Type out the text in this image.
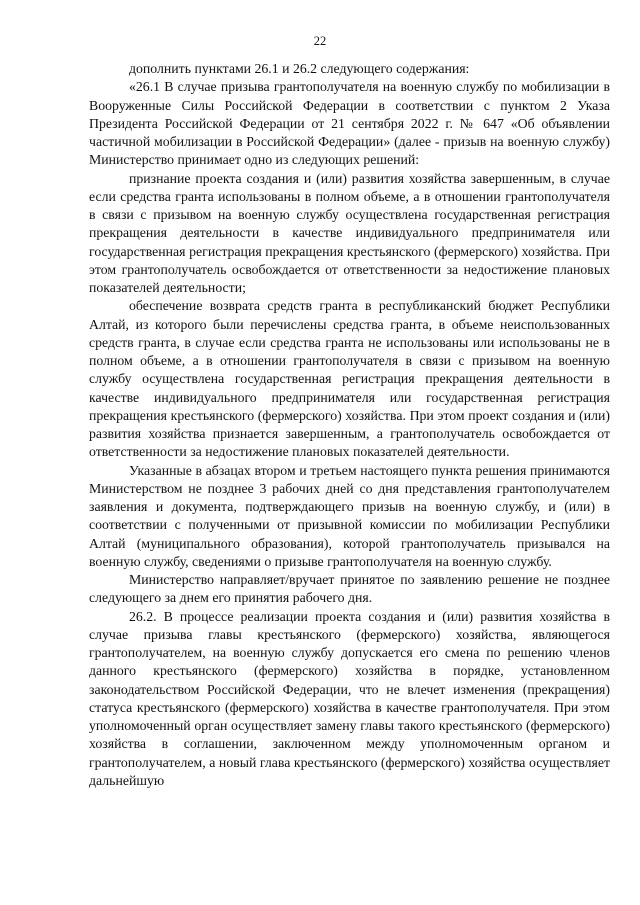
22

дополнить пунктами 26.1 и 26.2 следующего содержания:

«26.1 В случае призыва грантополучателя на военную службу по мобилизации в Вооруженные Силы Российской Федерации в соответствии с пунктом 2 Указа Президента Российской Федерации от 21 сентября 2022 г. № 647 «Об объявлении частичной мобилизации в Российской Федерации» (далее - призыв на военную службу) Министерство принимает одно из следующих решений:

признание проекта создания и (или) развития хозяйства завершенным, в случае если средства гранта использованы в полном объеме, а в отношении грантополучателя в связи с призывом на военную службу осуществлена государственная регистрация прекращения деятельности в качестве индивидуального предпринимателя или государственная регистрация прекращения крестьянского (фермерского) хозяйства. При этом грантополучатель освобождается от ответственности за недостижение плановых показателей деятельности;

обеспечение возврата средств гранта в республиканский бюджет Республики Алтай, из которого были перечислены средства гранта, в объеме неиспользованных средств гранта, в случае если средства гранта не использованы или использованы не в полном объеме, а в отношении грантополучателя в связи с призывом на военную службу осуществлена государственная регистрация прекращения деятельности в качестве индивидуального предпринимателя или государственная регистрация прекращения крестьянского (фермерского) хозяйства. При этом проект создания и (или) развития хозяйства признается завершенным, а грантополучатель освобождается от ответственности за недостижение плановых показателей деятельности.

Указанные в абзацах втором и третьем настоящего пункта решения принимаются Министерством не позднее 3 рабочих дней со дня представления грантополучателем заявления и документа, подтверждающего призыв на военную службу, и (или) в соответствии с полученными от призывной комиссии по мобилизации Республики Алтай (муниципального образования), которой грантополучатель призывался на военную службу, сведениями о призыве грантополучателя на военную службу.

Министерство направляет/вручает принятое по заявлению решение не позднее следующего за днем его принятия рабочего дня.

26.2. В процессе реализации проекта создания и (или) развития хозяйства в случае призыва главы крестьянского (фермерского) хозяйства, являющегося грантополучателем, на военную службу допускается его смена по решению членов данного крестьянского (фермерского) хозяйства в порядке, установленном законодательством Российской Федерации, что не влечет изменения (прекращения) статуса крестьянского (фермерского) хозяйства в качестве грантополучателя. При этом уполномоченный орган осуществляет замену главы такого крестьянского (фермерского) хозяйства в соглашении, заключенном между уполномоченным органом и грантополучателем, а новый глава крестьянского (фермерского) хозяйства осуществляет дальнейшую
